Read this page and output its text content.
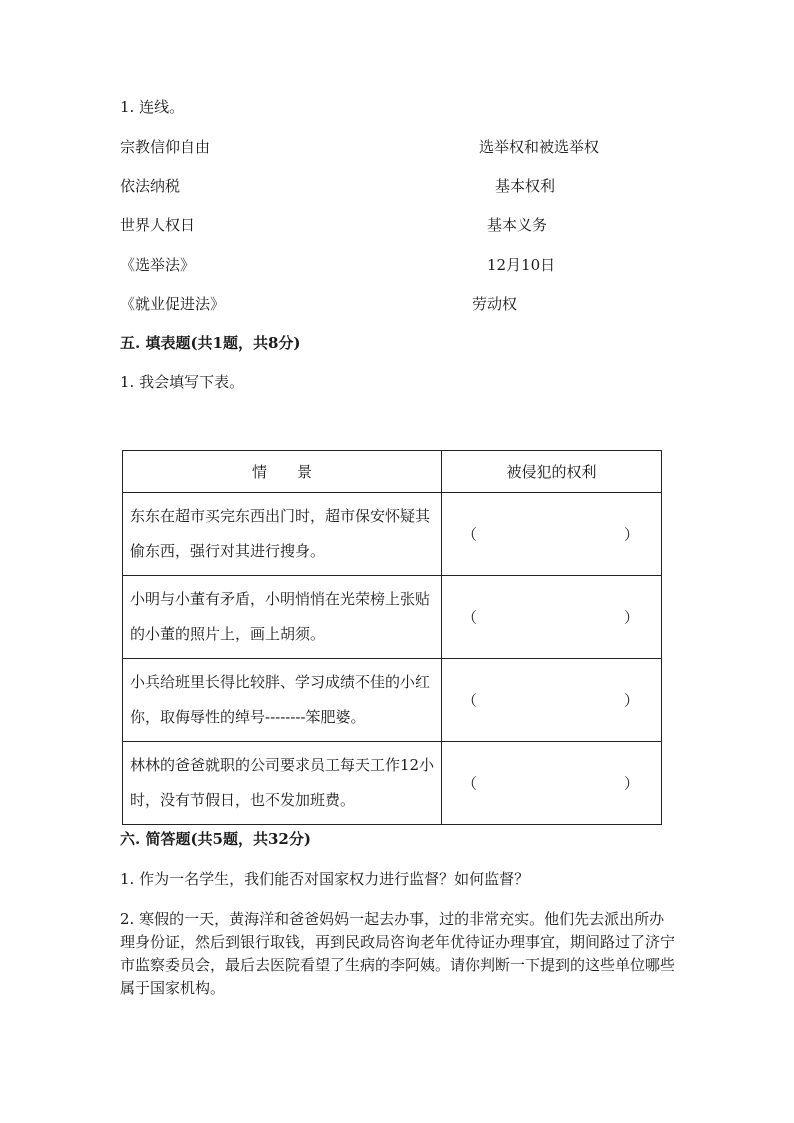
1. 连线。
宗教信仰自由
依法纳税
世界人权日
《选举法》
《就业促进法》
选举权和被选举权
基本权利
基本义务
12月10日
劳动权
五. 填表题(共1题，共8分)
1. 我会填写下表。
情　　景	被侵犯的权利
东东在超市买完东西出门时，超市保安怀疑其偷东西，强行对其进行搜身。	（ ）

小明与小董有矛盾，小明悄悄在光荣榜上张贴的小董的照片上，画上胡须。	（ ）

小兵给班里长得比较胖、学习成绩不佳的小红你，取侮辱性的绰号--------笨肥婆。	（ ）

林林的爸爸就职的公司要求员工每天工作12小时，没有节假日，也不发加班费。	（ ）
六. 简答题(共5题，共32分)
1. 作为一名学生，我们能否对国家权力进行监督？如何监督？
2. 寒假的一天，黄海洋和爸爸妈妈一起去办事，过的非常充实。他们先去派出所办理身份证，然后到银行取钱，再到民政局咨询老年优待证办理事宜，期间路过了济宁市监察委员会，最后去医院看望了生病的李阿姨。请你判断一下提到的这些单位哪些属于国家机构。
